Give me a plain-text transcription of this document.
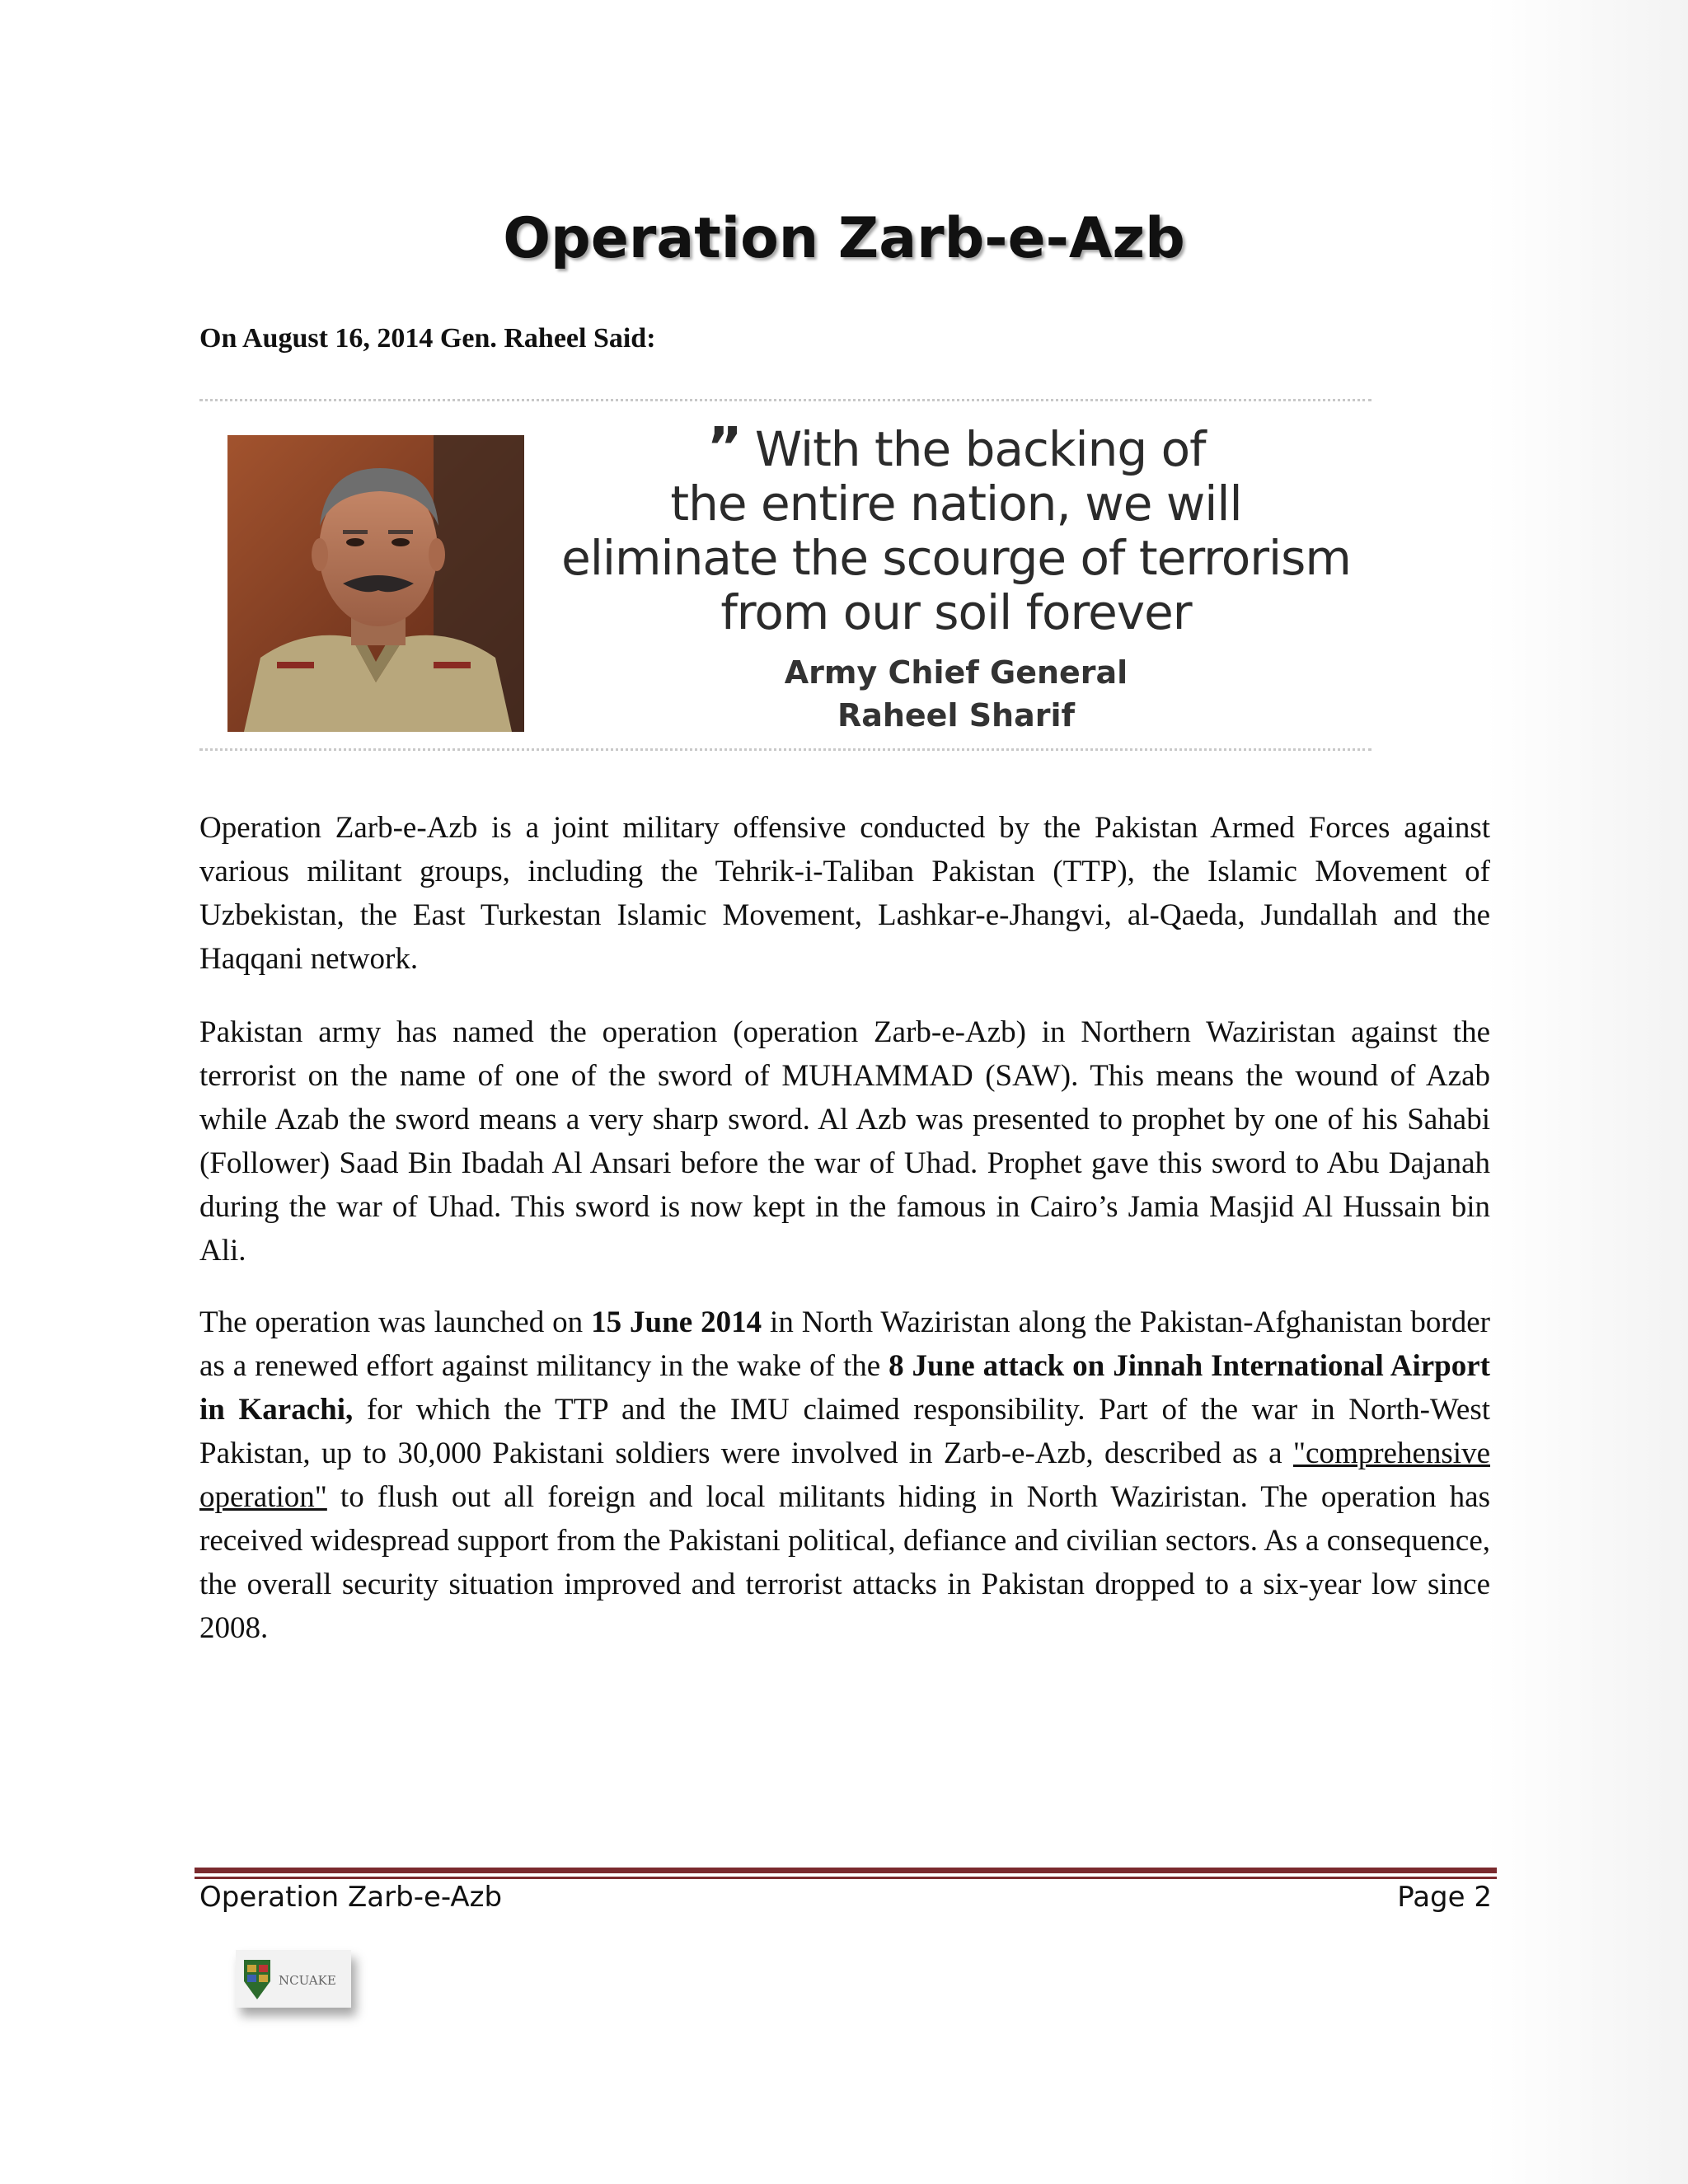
Operation Zarb-e-Azb
On August 16, 2014 Gen. Raheel Said:
” With the backing of
the entire nation, we will
eliminate the scourge of terrorism
from our soil forever
Army Chief General
Raheel Sharif

Operation Zarb-e-Azb is a joint military offensive conducted by the Pakistan Armed Forces against various militant groups, including the Tehrik-i-Taliban Pakistan (TTP), the Islamic Movement of Uzbekistan, the East Turkestan Islamic Movement, Lashkar-e-Jhangvi, al-Qaeda, Jundallah and the Haqqani network.

Pakistan army has named the operation (operation Zarb-e-Azb) in Northern Waziristan against the terrorist on the name of one of the sword of MUHAMMAD (SAW). This means the wound of Azab while Azab the sword means a very sharp sword. Al Azb was presented to prophet by one of his Sahabi (Follower) Saad Bin Ibadah Al Ansari before the war of Uhad. Prophet gave this sword to Abu Dajanah during the war of Uhad. This sword is now kept in the famous in Cairo’s Jamia Masjid Al Hussain bin Ali.

The operation was launched on 15 June 2014 in North Waziristan along the Pakistan-Afghanistan border as a renewed effort against militancy in the wake of the 8 June attack on Jinnah International Airport in Karachi, for which the TTP and the IMU claimed responsibility. Part of the war in North-West Pakistan, up to 30,000 Pakistani soldiers were involved in Zarb-e-Azb, described as a "comprehensive operation" to flush out all foreign and local militants hiding in North Waziristan. The operation has received widespread support from the Pakistani political, defiance and civilian sectors. As a consequence, the overall security situation improved and terrorist attacks in Pakistan dropped to a six-year low since 2008.

Operation Zarb-e-Azb	Page 2
NCUAKE
